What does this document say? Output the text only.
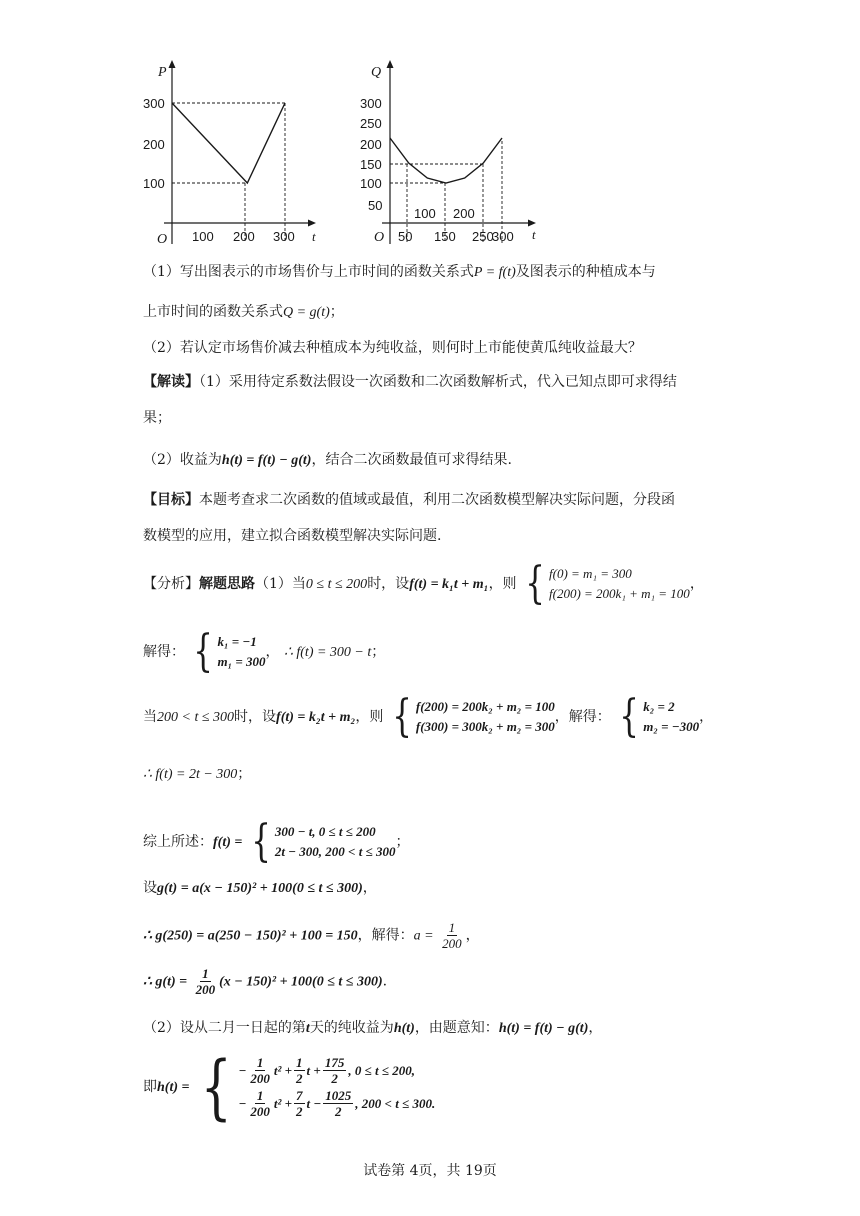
P
t
O
300
200
100
100 200 300
Q
t
O
300
250
200
150
100
50
50
100
150
200
250
300
（1）写出图表示的市场售价与上市时间的函数关系式P = f(t)及图表示的种植成本与
上市时间的函数关系式Q = g(t)；
（2）若认定市场售价减去种植成本为纯收益，则何时上市能使黄瓜纯收益最大？
【解读】（1）采用待定系数法假设一次函数和二次函数解析式，代入已知点即可求得结
果；
（2）收益为h(t) = f(t) − g(t)，结合二次函数最值可求得结果.
【目标】本题考查求二次函数的值域或最值，利用二次函数模型解决实际问题，分段函
数模型的应用，建立拟合函数模型解决实际问题.
【分析】解题思路（1）当0 ≤ t ≤ 200时，设f(t) = k₁t + m₁，则 { f(0) = m₁ = 300
f(200) = 200k₁ + m₁ = 100
，
解得： { k₁ = −1
m₁ = 300
， ∴ f(t) = 300 − t；
当200 < t ≤ 300时，设f(t) = k₂t + m₂，则 { f(200) = 200k₂ + m₂ = 100
f(300) = 300k₂ + m₂ = 300
，解得： { k₂ = 2
m₂ = −300
，
∴ f(t) = 2t − 300；
综上所述：f(t) = { 300 − t, 0 ≤ t ≤ 200
2t − 300, 200 < t ≤ 300
；
设g(t) = a(x − 150)² + 100(0 ≤ t ≤ 300)，
∴ g(250) = a(250 − 150)² + 100 = 150，解得：$a = \frac{1}{200}$ ，
∴ $g(t) = \frac{1}{200} (x - 150)^2 + 100(0 \le t \le 300)$.
（2）设从二月一日起的第t天的纯收益为h(t)，由题意知：h(t) = f(t) − g(t)，
即h(t) = { − $\frac{1}{200} t^2 + \frac{1}{2}$ $t + \frac{175}{2}$ , 0 ≤ t ≤ 200,
− $\frac{1}{200} t^2 + \frac{7}{2}$ $t - \frac{1025}{2}$ , 200 < t ≤ 300.
试卷第 4页，共 19页
